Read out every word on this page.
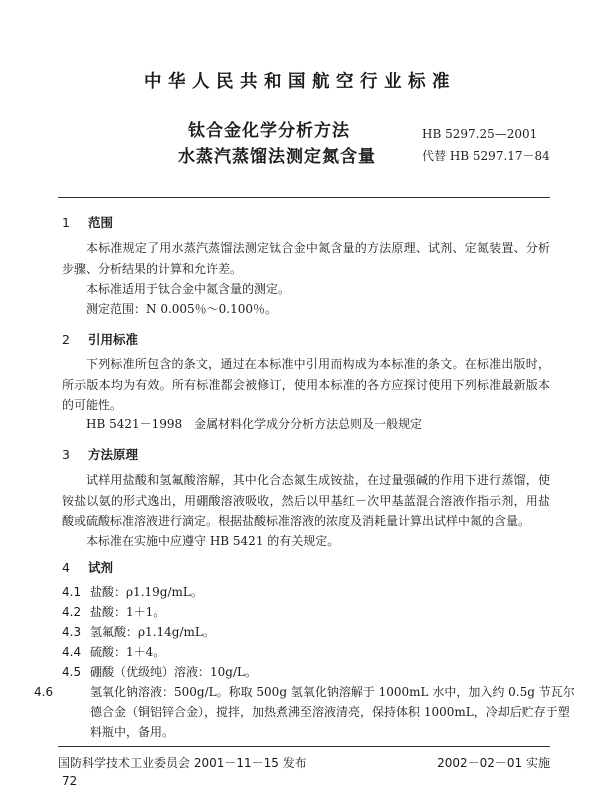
中华人民共和国航空行业标准
钛合金化学分析方法
水蒸汽蒸馏法测定氮含量
HB 5297.25—2001
代替 HB 5297.17－84
1 范围
本标准规定了用水蒸汽蒸馏法测定钛合金中氮含量的方法原理、试剂、定氮装置、分析步骤、分析结果的计算和允许差。
本标准适用于钛合金中氮含量的测定。
测定范围：N 0.005％～0.100％。
2 引用标准
下列标准所包含的条文，通过在本标准中引用而构成为本标准的条文。在标准出版时，所示版本均为有效。所有标准都会被修订，使用本标准的各方应探讨使用下列标准最新版本的可能性。
HB 5421－1998　金属材料化学成分分析方法总则及一般规定
3 方法原理
试样用盐酸和氢氟酸溶解，其中化合态氮生成铵盐，在过量强碱的作用下进行蒸馏，使铵盐以氨的形式逸出，用硼酸溶液吸收，然后以甲基红－次甲基蓝混合溶液作指示剂，用盐酸或硫酸标准溶液进行滴定。根据盐酸标准溶液的浓度及消耗量计算出试样中氮的含量。
本标准在实施中应遵守 HB 5421 的有关规定。
4 试剂
4.1 盐酸：ρ1.19g/mL。
4.2 盐酸：1＋1。
4.3 氢氟酸：ρ1.14g/mL。
4.4 硫酸：1＋4。
4.5 硼酸（优级纯）溶液：10g/L。
4.6	氢氧化钠溶液：500g/L。称取 500g 氢氧化钠溶解于 1000mL 水中，加入约 0.5g 节瓦尔德合金（铜铝锌合金），搅拌，加热煮沸至溶液清亮，保持体积 1000mL，冷却后贮存于塑料瓶中，备用。
国防科学技术工业委员会 2001－11－15 发布	2002－02－01 实施
72
